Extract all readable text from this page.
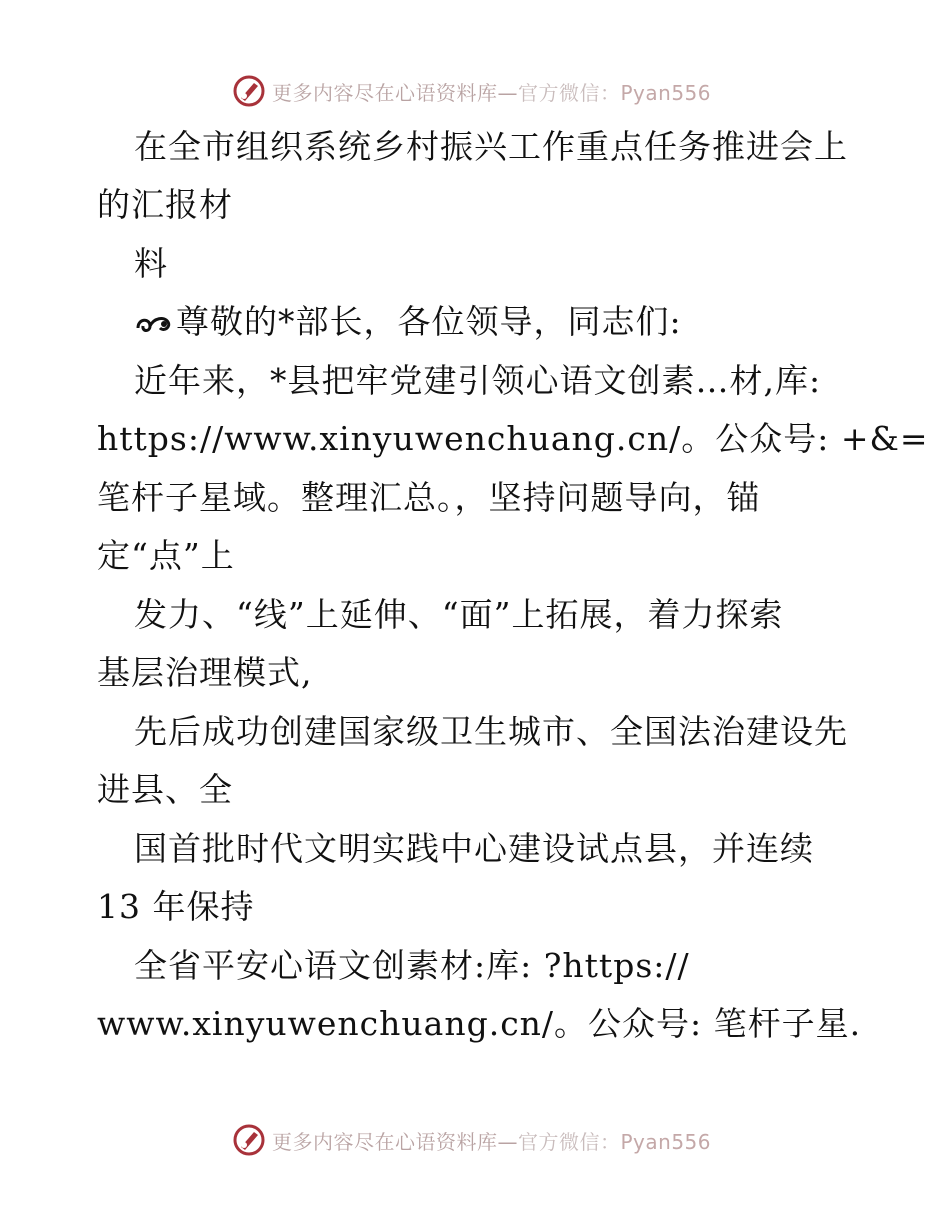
更多内容尽在心语资料库—官方微信：Pyan556
在全市组织系统乡村振兴工作重点任务推进会上
的汇报材
料
尊敬的*部长，各位领导，同志们:
近年来，*县把牢党建引领心语文创素…材,库:
https://www.xinyuwenchuang.cn/。公众号: +&=
笔杆子星域。整理汇总。，坚持问题导向，锚
定“点”上
发力、“线”上延伸、“面”上拓展，着力探索
基层治理模式,
先后成功创建国家级卫生城市、全国法治建设先
进县、全
国首批时代文明实践中心建设试点县，并连续
13 年保持
全省平安心语文创素材:库: ?https://
www.xinyuwenchuang.cn/。公众号: 笔杆子星.
更多内容尽在心语资料库—官方微信：Pyan556
